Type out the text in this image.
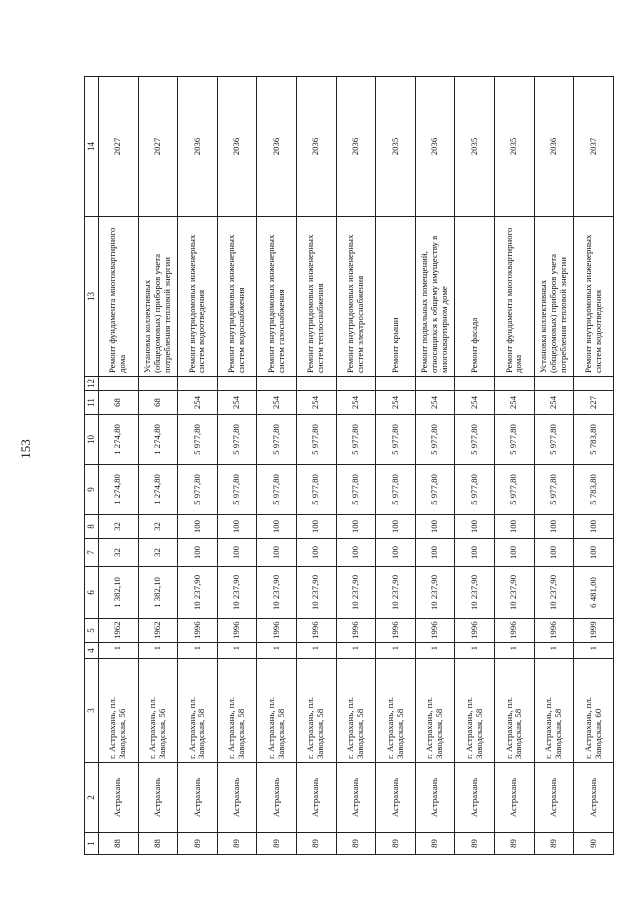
153
1	2	3	4	5	6	7	8	9	10	11	12	13	14
88	Астрахань	г. Астрахань, пл. Заводская, 56	1	1962	1 382,10	32	32	1 274,80	1 274,80	68		Ремонт фундамента многоквартирного дома	2027
88	Астрахань	г. Астрахань, пл. Заводская, 56	1	1962	1 382,10	32	32	1 274,80	1 274,80	68		Установка коллективных (общедомовых) приборов учета потребления тепловой энергии	2027
89	Астрахань	г. Астрахань, пл. Заводская, 58	1	1996	10 237,90	100	100	5 977,80	5 977,80	254		Ремонт внутридомовых инженерных систем водоотведения	2036
89	Астрахань	г. Астрахань, пл. Заводская, 58	1	1996	10 237,90	100	100	5 977,80	5 977,80	254		Ремонт внутридомовых инженерных систем водоснабжения	2036
89	Астрахань	г. Астрахань, пл. Заводская, 58	1	1996	10 237,90	100	100	5 977,80	5 977,80	254		Ремонт внутридомовых инженерных систем газоснабжения	2036
89	Астрахань	г. Астрахань, пл. Заводская, 58	1	1996	10 237,90	100	100	5 977,80	5 977,80	254		Ремонт внутридомовых инженерных систем теплоснабжения	2036
89	Астрахань	г. Астрахань, пл. Заводская, 58	1	1996	10 237,90	100	100	5 977,80	5 977,80	254		Ремонт внутридомовых инженерных систем электроснабжения	2036
89	Астрахань	г. Астрахань, пл. Заводская, 58	1	1996	10 237,90	100	100	5 977,80	5 977,80	254		Ремонт крыши	2035
89	Астрахань	г. Астрахань, пл. Заводская, 58	1	1996	10 237,90	100	100	5 977,80	5 977,80	254		Ремонт подвальных помещений, относящихся к общему имуществу в многоквартирном доме	2036
89	Астрахань	г. Астрахань, пл. Заводская, 58	1	1996	10 237,90	100	100	5 977,80	5 977,80	254		Ремонт фасада	2035
89	Астрахань	г. Астрахань, пл. Заводская, 58	1	1996	10 237,90	100	100	5 977,80	5 977,80	254		Ремонт фундамента многоквартирного дома	2035
89	Астрахань	г. Астрахань, пл. Заводская, 58	1	1996	10 237,90	100	100	5 977,80	5 977,80	254		Установка коллективных (общедомовых) приборов учета потребления тепловой энергии	2036
90	Астрахань	г. Астрахань, пл. Заводская, 60	1	1999	6 481,00	100	100	5 783,80	5 783,80	227		Ремонт внутридомовых инженерных систем водоотведения	2037
